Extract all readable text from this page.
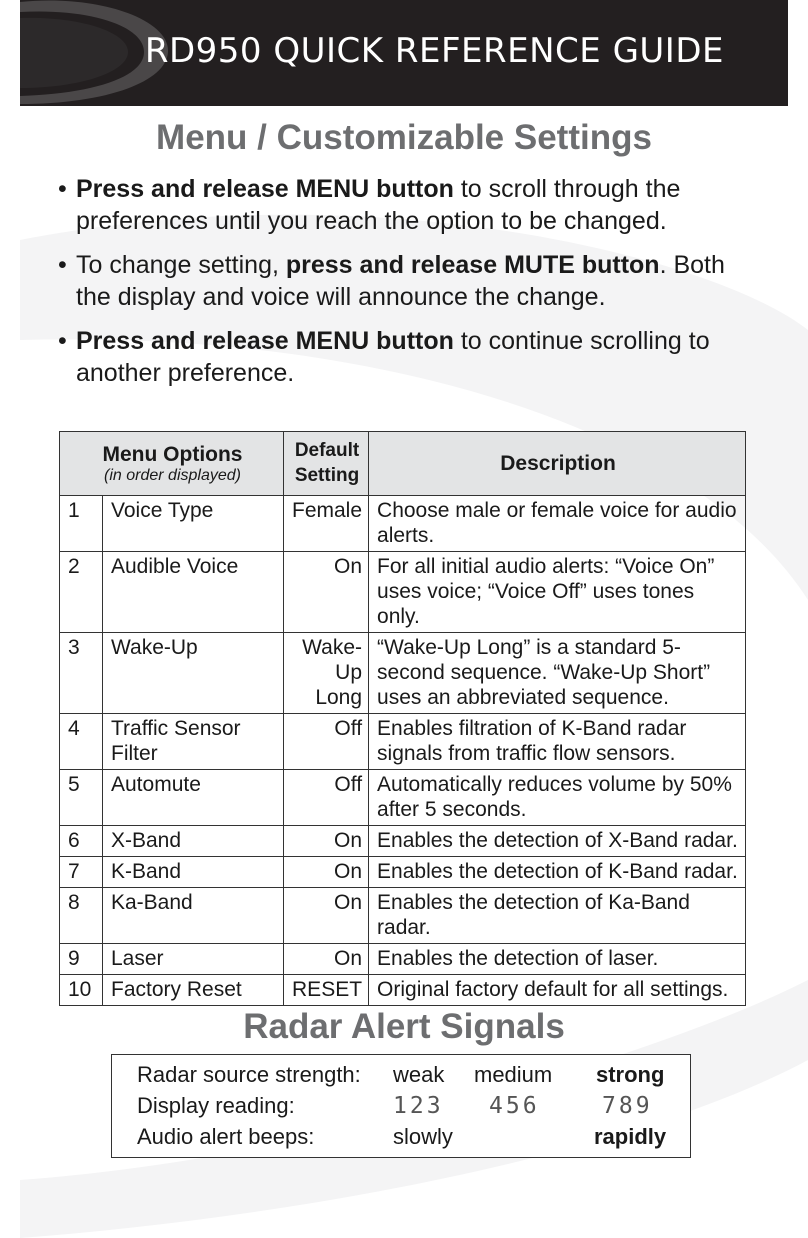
RD950 QUICK REFERENCE GUIDE
Menu / Customizable Settings
• Press and release MENU button to scroll through the preferences until you reach the option to be changed.
• To change setting, press and release MUTE button. Both the display and voice will announce the change.
• Press and release MENU button to continue scrolling to another preference.
Menu Options
(in order displayed)		Default
Setting	Description
1	Voice Type	Female	Choose male or female voice for audio alerts.
2	Audible Voice	On	For all initial audio alerts: “Voice On” uses voice; “Voice Off” uses tones only.
3	Wake-Up	Wake-Up Long	“Wake-Up Long” is a standard 5-second sequence. “Wake-Up Short” uses an abbreviated sequence.
4	Traffic Sensor Filter	Off	Enables filtration of K-Band radar signals from traffic flow sensors.
5	Automute	Off	Automatically reduces volume by 50% after 5 seconds.
6	X-Band	On	Enables the detection of X-Band radar.
7	K-Band	On	Enables the detection of K-Band radar.
8	Ka-Band	On	Enables the detection of Ka-Band radar.
9	Laser	On	Enables the detection of laser.
10	Factory Reset	RESET	Original factory default for all settings.
Radar Alert Signals
Radar source strength: weak medium strong
Display reading:	123 456	789
Audio alert beeps:	slowly	rapidly
